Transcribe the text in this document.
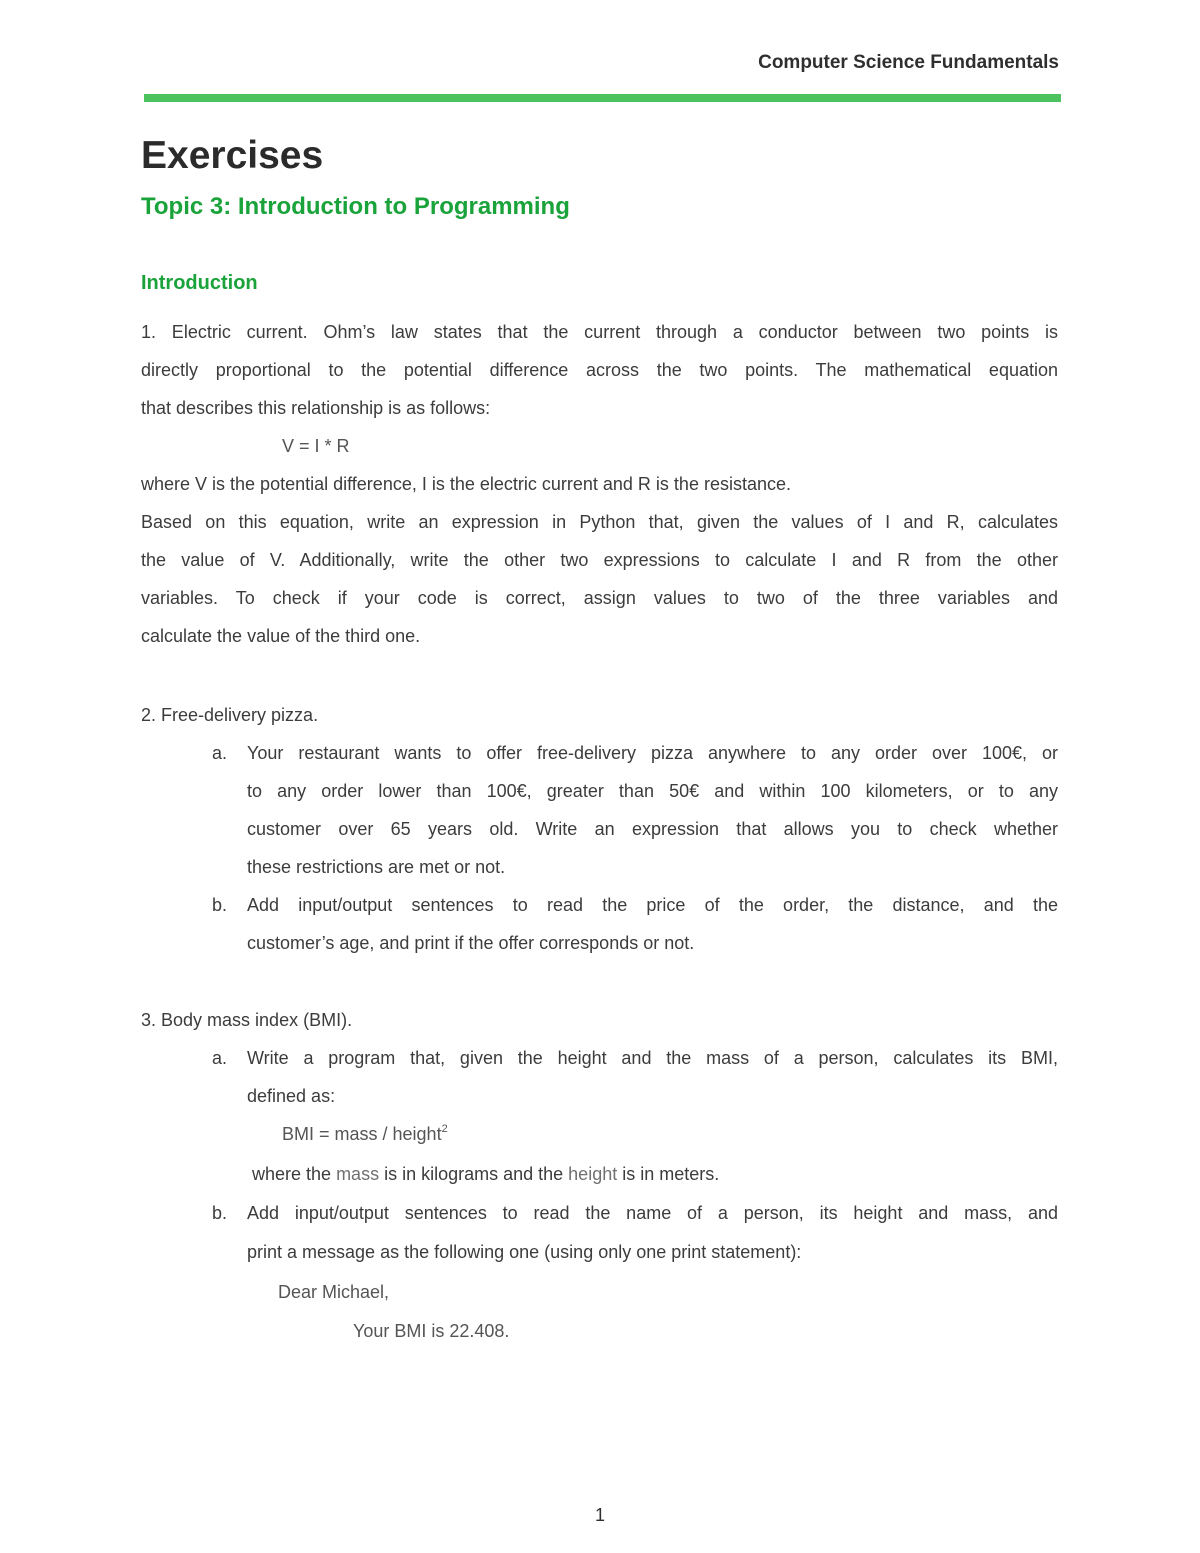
Computer Science Fundamentals
Exercises
Topic 3: Introduction to Programming
Introduction
1. Electric current. Ohm’s law states that the current through a conductor between two points is
directly proportional to the potential difference across the two points. The mathematical equation
that describes this relationship is as follows:
V = I * R
where V is the potential difference, I is the electric current and R is the resistance.
Based on this equation, write an expression in Python that, given the values of I and R, calculates
the value of V. Additionally, write the other two expressions to calculate I and R from the other
variables. To check if your code is correct, assign values to two of the three variables and
calculate the value of the third one.
2. Free-delivery pizza.
a. Your restaurant wants to offer free-delivery pizza anywhere to any order over 100€, or
to any order lower than 100€, greater than 50€ and within 100 kilometers, or to any
customer over 65 years old. Write an expression that allows you to check whether
these restrictions are met or not.
b. Add input/output sentences to read the price of the order, the distance, and the
customer’s age, and print if the offer corresponds or not.
3. Body mass index (BMI).
a. Write a program that, given the height and the mass of a person, calculates its BMI,
defined as:
BMI = mass / height$^2$
where the mass is in kilograms and the height is in meters.
b. Add input/output sentences to read the name of a person, its height and mass, and
print a message as the following one (using only one print statement):
Dear Michael,
Your BMI is 22.408.
1
